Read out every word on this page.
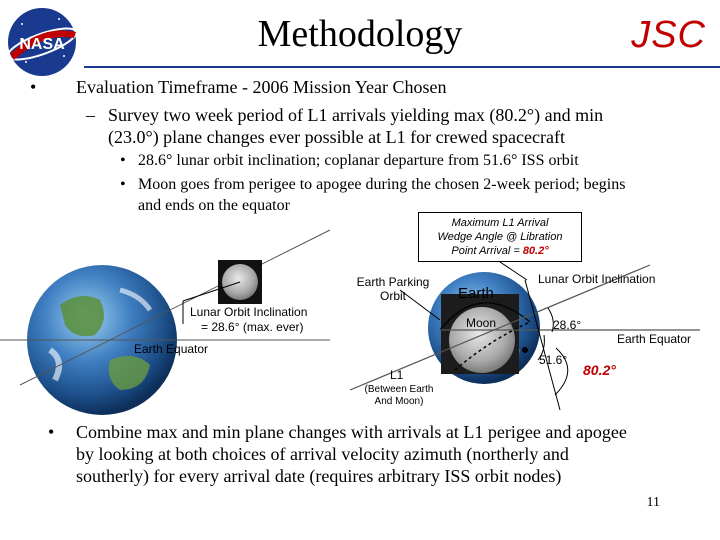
NASA	Methodology	JSC
• Evaluation Timeframe - 2006 Mission Year Chosen
– Survey two week period of L1 arrivals yielding max (80.2°) and min
(23.0°) plane changes ever possible at L1 for crewed spacecraft
• 28.6° lunar orbit inclination; coplanar departure from 51.6° ISS orbit
• Moon goes from perigee to apogee during the chosen 2-week period; begins
and ends on the equator
Maximum L1 Arrival
Wedge Angle @ Libration
Point Arrival = 80.2°
Earth Parking
Orbit
Lunar Orbit Inclination
= 28.6° (max. ever)
Earth Equator
Earth
Moon
Lunar Orbit Inclination
28.6°
Earth Equator
51.6°
80.2°
L1
(Between Earth
And Moon)
• Combine max and min plane changes with arrivals at L1 perigee and apogee
by looking at both choices of arrival velocity azimuth (northerly and
southerly) for every arrival date (requires arbitrary ISS orbit nodes)
11
